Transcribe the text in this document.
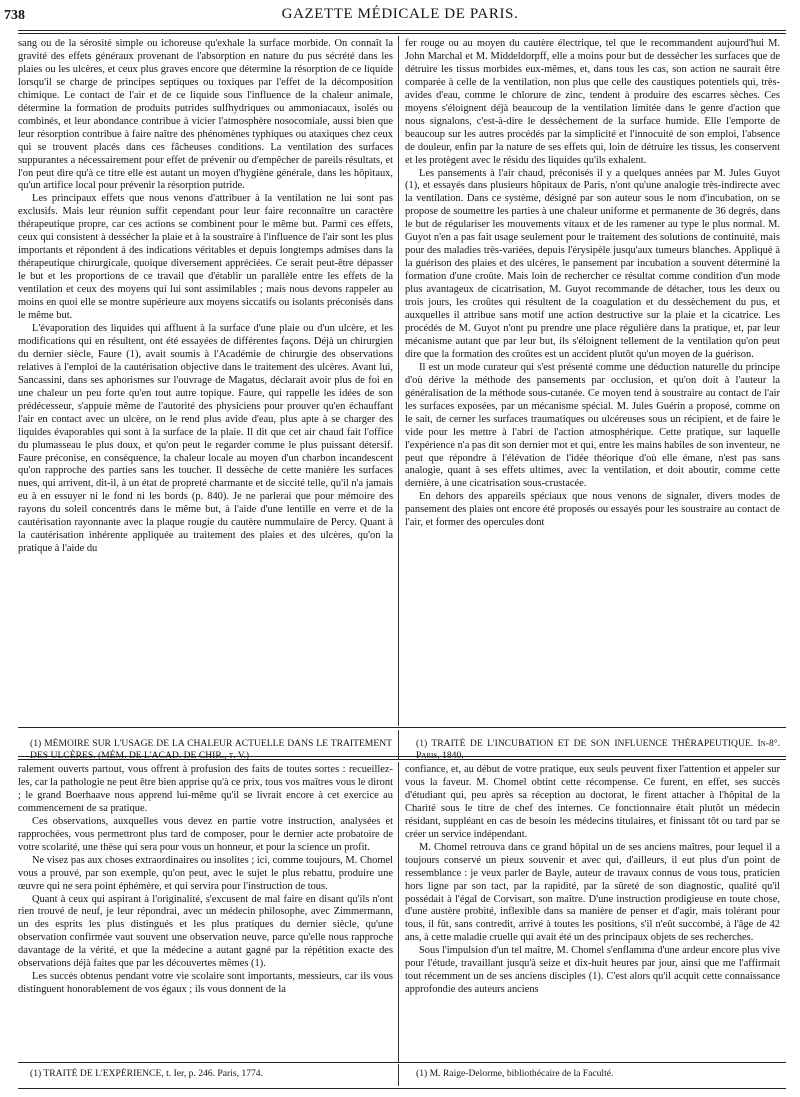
738	GAZETTE MÉDICALE DE PARIS.

sang ou de la sérosité simple ou ichoreuse qu'exhale la surface morbide. On connaît la gravité des effets généraux provenant de l'absorption en nature du pus sécrété dans les plaies ou les ulcères, et ceux plus graves encore que détermine la résorption de ce liquide lorsqu'il se charge de principes septiques ou toxiques par l'effet de la décomposition chimique. Le contact de l'air et de ce liquide sous l'influence de la chaleur animale, détermine la formation de produits putrides sulfhydriques ou ammoniacaux, isolés ou combinés, et leur abondance contribue à vicier l'atmosphère nosocomiale, aussi bien que leur résorption contribue à faire naître des phénomènes typhiques ou ataxiques chez ceux qui se trouvent placés dans ces fâcheuses conditions. La ventilation des surfaces suppurantes a nécessairement pour effet de prévenir ou d'empêcher de pareils résultats, et l'on peut dire qu'à ce titre elle est autant un moyen d'hygiène générale, dans les hôpitaux, qu'un artifice local pour prévenir la résorption putride.

Les principaux effets que nous venons d'attribuer à la ventilation ne lui sont pas exclusifs. Mais leur réunion suffit cependant pour leur faire reconnaître un caractère thérapeutique propre, car ces actions se combinent pour le même but. Parmi ces effets, ceux qui consistent à dessécher la plaie et à la soustraire à l'influence de l'air sont les plus importants et répondent à des indications véritables et depuis longtemps admises dans la thérapeutique chirurgicale, quoique diversement appréciées. Ce serait peut-être dépasser le but et les proportions de ce travail que d'établir un parallèle entre les effets de la ventilation et ceux des moyens qui lui sont assimilables ; mais nous devons rappeler au moins en quoi elle se montre supérieure aux moyens siccatifs ou isolants préconisés dans le même but.

L'évaporation des liquides qui affluent à la surface d'une plaie ou d'un ulcère, et les modifications qui en résultent, ont été essayées de différentes façons. Déjà un chirurgien du dernier siècle, Faure (1), avait soumis à l'Académie de chirurgie des observations relatives à l'emploi de la cautérisation objective dans le traitement des ulcères. Avant lui, Sancassini, dans ses aphorismes sur l'ouvrage de Magatus, déclarait avoir plus de foi en une chaleur un peu forte qu'en tout autre topique. Faure, qui rappelle les idées de son prédécesseur, s'appuie même de l'autorité des physiciens pour prouver qu'en échauffant l'air en contact avec un ulcère, on le rend plus avide d'eau, plus apte à se charger des liquides évaporables qui sont à la surface de la plaie. Il dit que cet air chaud fait l'office du plumasseau le plus doux, et qu'on peut le regarder comme le plus puissant détersif. Faure préconise, en conséquence, la chaleur locale au moyen d'un charbon incandescent qu'on rapproche des parties sans les toucher. Il dessèche de cette manière les surfaces nues, qui arrivent, dit-il, à un état de propreté charmante et de siccité telle, qu'il n'a jamais eu à en essuyer ni le fond ni les bords (p. 840). Je ne parlerai que pour mémoire des rayons du soleil concentrés dans le même but, à l'aide d'une lentille en verre et de la cautérisation rayonnante avec la plaque rougie du cautère nummulaire de Percy. Quant à la cautérisation inhérente appliquée au traitement des plaies et des ulcères, qu'on la pratique à l'aide du

fer rouge ou au moyen du cautère électrique, tel que le recommandent aujourd'hui M. John Marchal et M. Middeldorpff, elle a moins pour but de dessécher les surfaces que de détruire les tissus morbides eux-mêmes, et, dans tous les cas, son action ne saurait être comparée à celle de la ventilation, non plus que celle des caustiques potentiels qui, très-avides d'eau, comme le chlorure de zinc, tendent à produire des escarres sèches. Ces moyens s'éloignent déjà beaucoup de la ventilation limitée dans le genre d'action que nous signalons, c'est-à-dire le dessèchement de la surface humide. Elle l'emporte de beaucoup sur les autres procédés par la simplicité et l'innocuité de son emploi, l'absence de douleur, enfin par la nature de ses effets qui, loin de détruire les tissus, les conservent et les protègent avec le résidu des liquides qu'ils exhalent.

Les pansements à l'air chaud, préconisés il y a quelques années par M. Jules Guyot (1), et essayés dans plusieurs hôpitaux de Paris, n'ont qu'une analogie très-indirecte avec la ventilation. Dans ce système, désigné par son auteur sous le nom d'incubation, on se propose de soumettre les parties à une chaleur uniforme et permanente de 36 degrés, dans le but de régulariser les mouvements vitaux et de les ramener au type le plus normal. M. Guyot n'en a pas fait usage seulement pour le traitement des solutions de continuité, mais pour des maladies très-variées, depuis l'érysipèle jusqu'aux tumeurs blanches. Appliqué à la guérison des plaies et des ulcères, le pansement par incubation a souvent déterminé la formation d'une croûte. Mais loin de rechercher ce résultat comme condition d'un mode plus avantageux de cicatrisation, M. Guyot recommande de détacher, tous les deux ou trois jours, les croûtes qui résultent de la coagulation et du dessèchement du pus, et auxquelles il attribue sans motif une action destructive sur la plaie et la cicatrice. Les procédés de M. Guyot n'ont pu prendre une place régulière dans la pratique, et, par leur mécanisme autant que par leur but, ils s'éloignent tellement de la ventilation qu'on peut dire que la formation des croûtes est un accident plutôt qu'un moyen de la guérison.

Il est un mode curateur qui s'est présenté comme une déduction naturelle du principe d'où dérive la méthode des pansements par occlusion, et qu'on doit à l'auteur la généralisation de la méthode sous-cutanée. Ce moyen tend à soustraire au contact de l'air les surfaces exposées, par un mécanisme spécial. M. Jules Guérin a proposé, comme on le sait, de cerner les surfaces traumatiques ou ulcéreuses sous un récipient, et de faire le vide pour les mettre à l'abri de l'action atmosphérique. Cette pratique, sur laquelle l'expérience n'a pas dit son dernier mot et qui, entre les mains habiles de son inventeur, ne peut que répondre à l'élévation de l'idée théorique d'où elle émane, n'est pas sans analogie, quant à ses effets ultimes, avec la ventilation, et doit aboutir, comme cette dernière, à une cicatrisation sous-crustacée.

En dehors des appareils spéciaux que nous venons de signaler, divers modes de pansement des plaies ont encore été proposés ou essayés pour les soustraire au contact de l'air, et former des opercules dont

(1) MÉMOIRE SUR L'USAGE DE LA CHALEUR ACTUELLE DANS LE TRAITEMENT DES ULCÈRES. (MÉM. DE L'ACAD. DE CHIR., t. V.)
(1) TRAITÉ DE L'INCUBATION ET DE SON INFLUENCE THÉRAPEUTIQUE. In-8°. Paris, 1840.

ralement ouverts partout, vous offrent à profusion des faits de toutes sortes : recueillez-les, car la pathologie ne peut être bien apprise qu'à ce prix, tous vos maîtres vous le diront ; le grand Boerhaave nous apprend lui-même qu'il se livrait encore à cet exercice au commencement de sa pratique.

Ces observations, auxquelles vous devez en partie votre instruction, analysées et rapprochées, vous permettront plus tard de composer, pour le dernier acte probatoire de votre scolarité, une thèse qui sera pour vous un honneur, et pour la science un profit.

Ne visez pas aux choses extraordinaires ou insolites ; ici, comme toujours, M. Chomel vous a prouvé, par son exemple, qu'on peut, avec le sujet le plus rebattu, produire une œuvre qui ne sera point éphémère, et qui servira pour l'instruction de tous.

Quant à ceux qui aspirant à l'originalité, s'excusent de mal faire en disant qu'ils n'ont rien trouvé de neuf, je leur répondrai, avec un médecin philosophe, avec Zimmermann, un des esprits les plus distingués et les plus pratiques du dernier siècle, qu'une observation confirmée vaut souvent une observation neuve, parce qu'elle nous rapproche davantage de la vérité, et que la médecine a autant gagné par la répétition exacte des observations déjà faites que par les découvertes mêmes (1).

Les succès obtenus pendant votre vie scolaire sont importants, messieurs, car ils vous distinguent honorablement de vos égaux ; ils vous donnent de la

confiance, et, au début de votre pratique, eux seuls peuvent fixer l'attention et appeler sur vous la faveur. M. Chomel obtint cette récompense. Ce furent, en effet, ses succès d'étudiant qui, peu après sa réception au doctorat, le firent attacher à l'hôpital de la Charité sous le titre de chef des internes. Ce fonctionnaire était plutôt un médecin résidant, suppléant en cas de besoin les médecins titulaires, et finissant tôt ou tard par se créer un service indépendant.

M. Chomel retrouva dans ce grand hôpital un de ses anciens maîtres, pour lequel il a toujours conservé un pieux souvenir et avec qui, d'ailleurs, il eut plus d'un point de ressemblance : je veux parler de Bayle, auteur de travaux connus de vous tous, praticien hors ligne par son tact, par la rapidité, par la sûreté de son diagnostic, qualité qu'il possédait à l'égal de Corvisart, son maître. D'une instruction prodigieuse en toute chose, d'une austère probité, inflexible dans sa manière de penser et d'agir, mais tolérant pour tous, il fût, sans contredit, arrivé à toutes les positions, s'il n'eût succombé, à l'âge de 42 ans, à cette maladie cruelle qui avait été un des principaux objets de ses recherches.

Sous l'impulsion d'un tel maître, M. Chomel s'enflamma d'une ardeur encore plus vive pour l'étude, travaillant jusqu'à seize et dix-huit heures par jour, ainsi que me l'affirmait tout récemment un de ses anciens disciples (1). C'est alors qu'il acquit cette connaissance approfondie des auteurs anciens

(1) TRAITÉ DE L'EXPÉRIENCE, t. Ier, p. 246. Paris, 1774.	(1) M. Raige-Delorme, bibliothécaire de la Faculté.
